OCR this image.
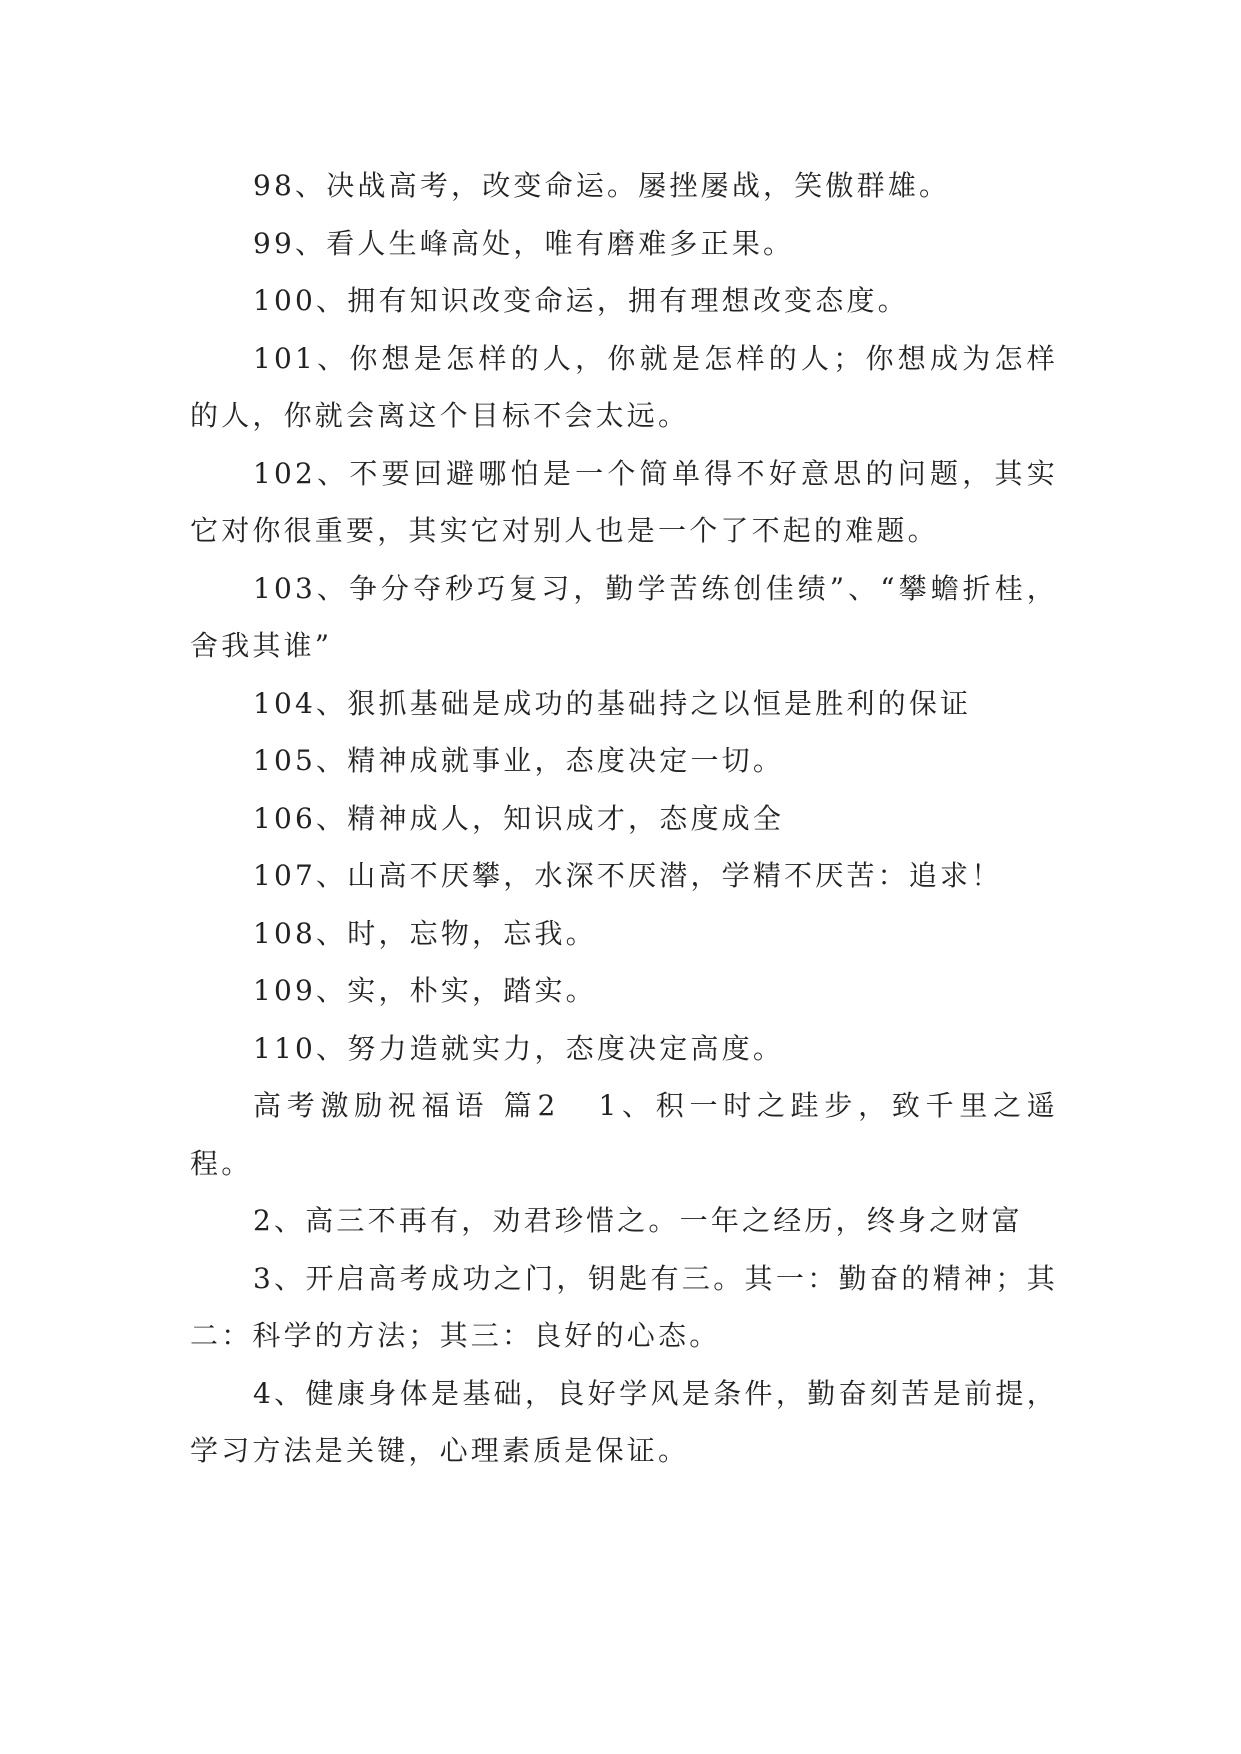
98、决战高考，改变命运。屡挫屡战，笑傲群雄。

99、看人生峰高处，唯有磨难多正果。

100、拥有知识改变命运，拥有理想改变态度。

101、你想是怎样的人，你就是怎样的人；你想成为怎样的人，你就会离这个目标不会太远。

102、不要回避哪怕是一个简单得不好意思的问题，其实它对你很重要，其实它对别人也是一个了不起的难题。

103、争分夺秒巧复习，勤学苦练创佳绩”、“攀蟾折桂，舍我其谁”

104、狠抓基础是成功的基础持之以恒是胜利的保证

105、精神成就事业，态度决定一切。

106、精神成人，知识成才，态度成全

107、山高不厌攀，水深不厌潜，学精不厌苦：追求！

108、时，忘物，忘我。

109、实，朴实，踏实。

110、努力造就实力，态度决定高度。

高考激励祝福语 篇2 1、积一时之跬步，致千里之遥程。

2、高三不再有，劝君珍惜之。一年之经历，终身之财富

3、开启高考成功之门，钥匙有三。其一：勤奋的精神；其二：科学的方法；其三：良好的心态。

4、健康身体是基础，良好学风是条件，勤奋刻苦是前提，学习方法是关键，心理素质是保证。
